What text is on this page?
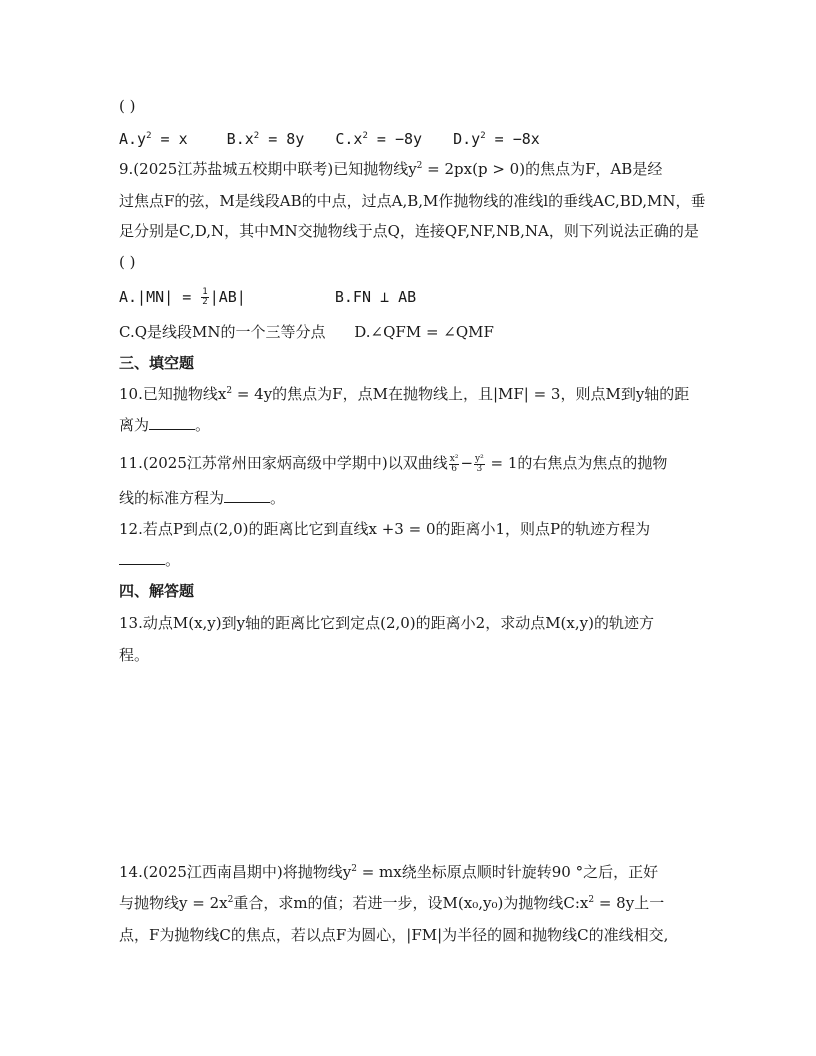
( )
$A.y^2 = x$	$B.x^2 = 8y$ $C.x^2 = -8y$ $D.y^2 = -8x$
9.(2025江苏盐城五校期中联考)已知抛物线$y^2 = 2px(p > 0)$的焦点为F，AB是经
过焦点F的弦，M是线段AB的中点，过点A,B,M作抛物线的准线l的垂线AC,BD,MN，垂
足分别是C,D,N，其中MN交抛物线于点Q，连接QF,NF,NB,NA，则下列说法正确的是
( )
$A.|MN| = \frac{1}{2} |AB|$	B.FN ⊥ AB
C.Q是线段MN的一个三等分点 D.∠QFM = ∠QMF
三、填空题
10.已知抛物线$x^2 = 4y$的焦点为F，点M在抛物线上，且|MF| = 3，则点M到y轴的距
离为	。
11.(2025江苏常州田家炳高级中学期中)以双曲线 $\frac{\text{x²}}{6} - \frac{\text{y²}}{3} = 1$的右焦点为焦点的抛物
线的标准方程为	。
12.若点P到点(2,0)的距离比它到直线x +3 = 0的距离小1，则点P的轨迹方程为
。
四、解答题
13.动点M(x,y)到y轴的距离比它到定点(2,0)的距离小2，求动点M(x,y)的轨迹方
程。
14.(2025江西南昌期中)将抛物线$y^2$ = mx绕坐标原点顺时针旋转90 °之后，正好
与抛物线$y = 2x^2$重合，求m的值；若进一步，设M(x₀,y₀)为抛物线$C:x^2 = 8y$上一
点，F为抛物线C的焦点，若以点F为圆心，|FM|为半径的圆和抛物线C的准线相交,
